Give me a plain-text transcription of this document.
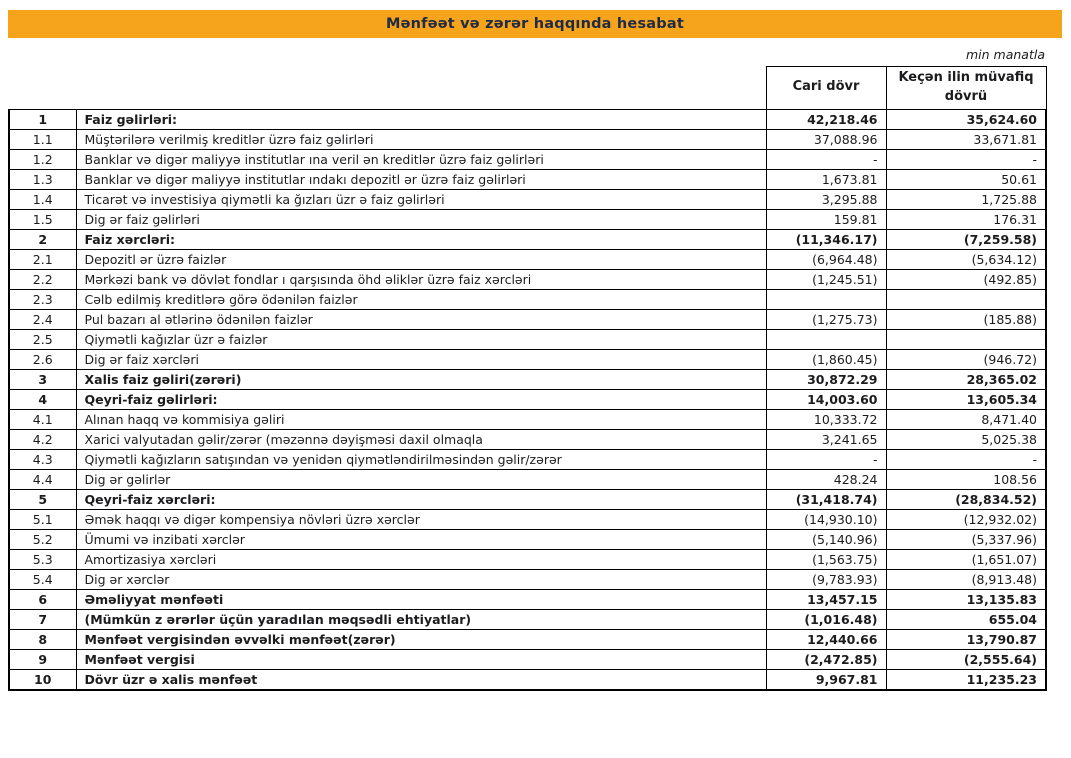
Mənfəət və zərər haqqında hesabat
min manatla
		Cari dövr	Keçən ilin müvafiq dövrü
1	Faiz gəlirləri:	42,218.46	35,624.60
1.1	Müştərilərə verilmiş kreditlər üzrə faiz gəlirləri	37,088.96	33,671.81
1.2	Banklar və digər maliyyə institutlar ına veril ən kreditlər üzrə faiz gəlirləri	-	-
1.3	Banklar və digər maliyyə institutlar ındakı depozitl ər üzrə faiz gəlirləri	1,673.81	50.61
1.4	Ticarət və investisiya qiymətli ka ğızları üzr ə faiz gəlirləri	3,295.88	1,725.88
1.5	Dig ər faiz gəlirləri	159.81	176.31
2	Faiz xərcləri:	(11,346.17)	(7,259.58)
2.1	Depozitl ər üzrə faizlər	(6,964.48)	(5,634.12)
2.2	Mərkəzi bank və dövlət fondlar ı qarşısında öhd əliklər üzrə faiz xərcləri	(1,245.51)	(492.85)
2.3	Cəlb edilmiş kreditlərə görə ödənilən faizlər		
2.4	Pul bazarı al ətlərinə ödənilən faizlər	(1,275.73)	(185.88)
2.5	Qiymətli kağızlar üzr ə faizlər		
2.6	Dig ər faiz xərcləri	(1,860.45)	(946.72)
3	Xalis faiz gəliri(zərəri)	30,872.29	28,365.02
4	Qeyri-faiz gəlirləri:	14,003.60	13,605.34
4.1	Alınan haqq və kommisiya gəliri	10,333.72	8,471.40
4.2	Xarici valyutadan gəlir/zərər (məzənnə dəyişməsi daxil olmaqla	3,241.65	5,025.38
4.3	Qiymətli kağızların satışından və yenidən qiymətləndirilməsindən gəlir/zərər	-	-
4.4	Dig ər gəlirlər	428.24	108.56
5	Qeyri-faiz xərcləri:	(31,418.74)	(28,834.52)
5.1	Əmək haqqı və digər kompensiya növləri üzrə xərclər	(14,930.10)	(12,932.02)
5.2	Ümumi və inzibati xərclər	(5,140.96)	(5,337.96)
5.3	Amortizasiya xərcləri	(1,563.75)	(1,651.07)
5.4	Dig ər xərclər	(9,783.93)	(8,913.48)
6	Əməliyyat mənfəəti	13,457.15	13,135.83
7	(Mümkün z ərərlər üçün yaradılan məqsədli ehtiyatlar)	(1,016.48)	655.04
8	Mənfəət vergisindən əvvəlki mənfəət(zərər)	12,440.66	13,790.87
9	Mənfəət vergisi	(2,472.85)	(2,555.64)
10	Dövr üzr ə xalis mənfəət	9,967.81	11,235.23
